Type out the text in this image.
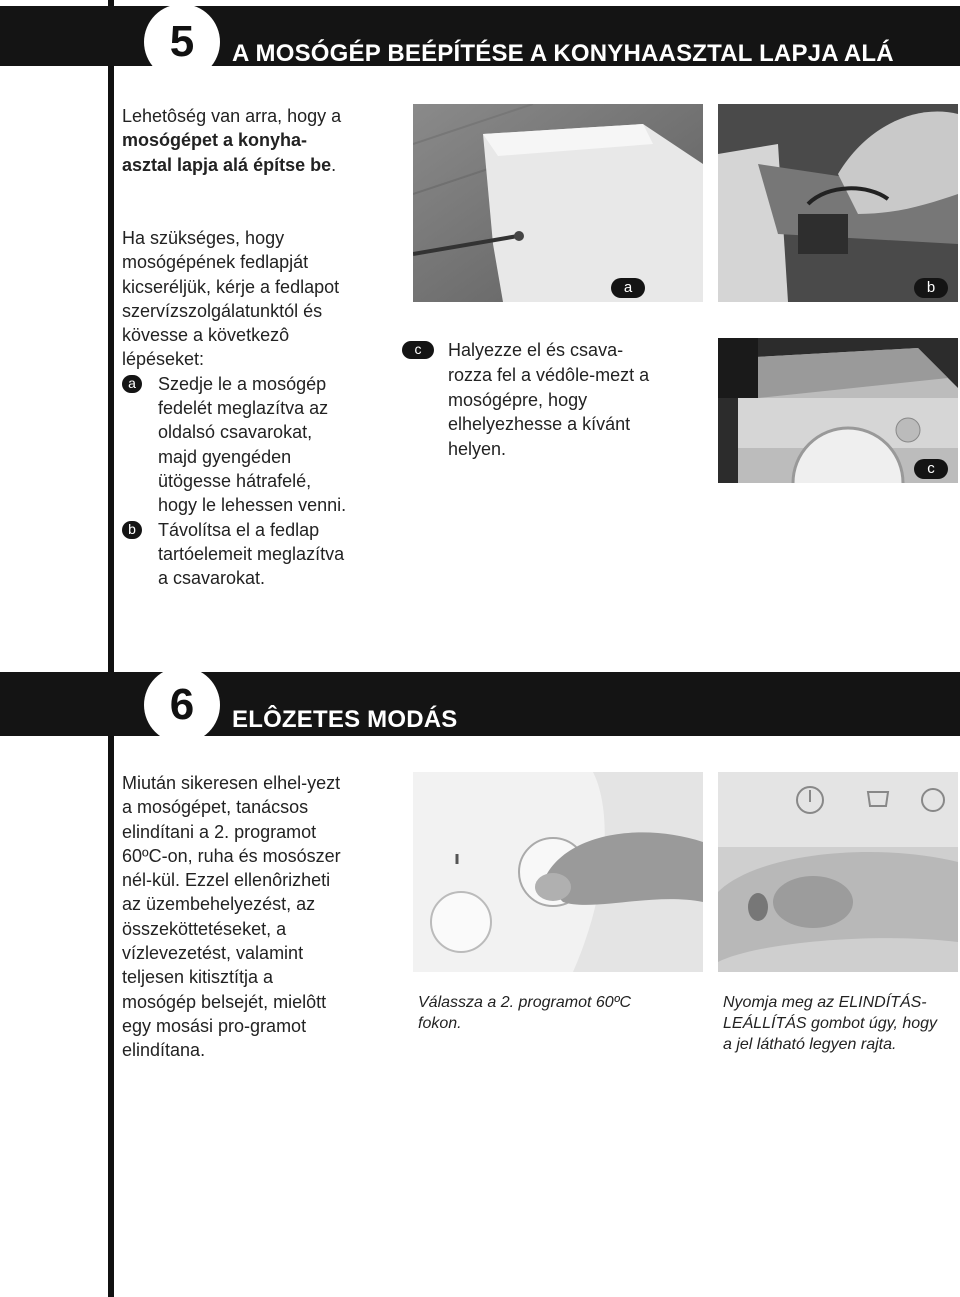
5	A MOSÓGÉP BEÉPÍTÉSE A KONYHAASZTAL LAPJA ALÁ
Lehetôség van arra, hogy a mosógépet a konyha-asztal lapja alá építse be.
Ha szükséges, hogy mosógépének fedlapját kicseréljük, kérje a fedlapot szervízszolgálatunktól és kövesse a következô lépéseket:
a	Szedje le a mosógép fedelét meglazítva az oldalsó csavarokat, majd gyengéden ütögesse hátrafelé, hogy le lehessen venni.
b	Távolítsa el a fedlap tartóelemeit meglazítva a csavarokat.
a	b
c	Halyezze el és csava-rozza fel a védôle-mezt a mosógépre, hogy elhelyezhesse a kívánt helyen.
c
6	ELÔZETES MODÁS
Miután sikeresen elhel-yezt a mosógépet, tanácsos elindítani a 2. programot 60ºC-on, ruha és mosószer nél-kül. Ezzel ellenôrizheti az üzembehelyezést, az összeköttetéseket, a vízlevezetést, valamint teljesen kitisztítja a mosógép belsejét, mielôtt egy mosási pro-gramot elindítana.
Válassza a 2. programot 60ºC fokon.
Nyomja meg az ELINDÍTÁS-LEÁLLÍTÁS gombot úgy, hogy a jel látható legyen rajta.
